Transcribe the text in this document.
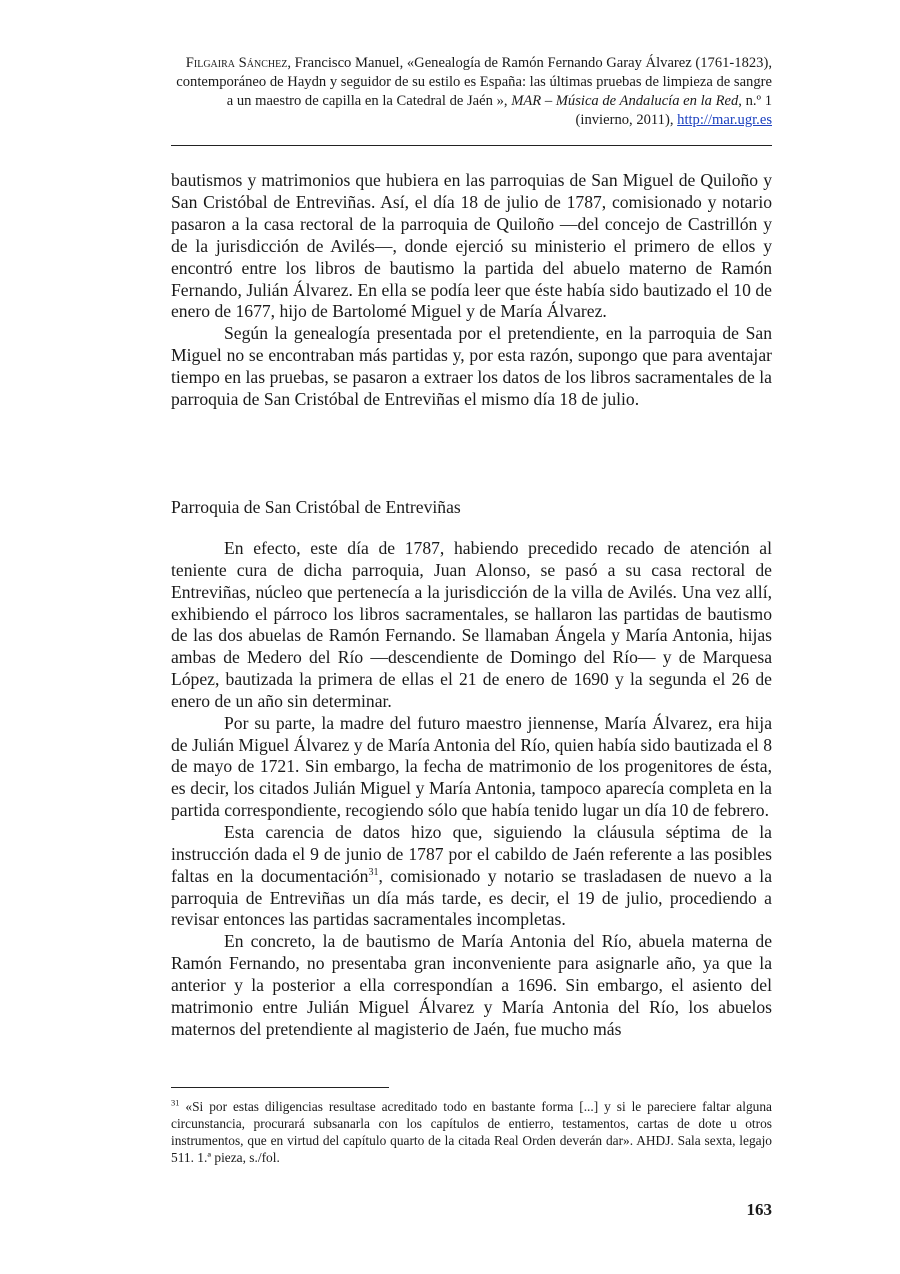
Filgaira Sánchez, Francisco Manuel, «Genealogía de Ramón Fernando Garay Álvarez (1761-1823), contemporáneo de Haydn y seguidor de su estilo es España: las últimas pruebas de limpieza de sangre a un maestro de capilla en la Catedral de Jaén », MAR – Música de Andalucía en la Red, n.º 1 (invierno, 2011), http://mar.ugr.es

bautismos y matrimonios que hubiera en las parroquias de San Miguel de Quiloño y San Cristóbal de Entreviñas. Así, el día 18 de julio de 1787, comisionado y notario pasaron a la casa rectoral de la parroquia de Quiloño —del concejo de Castrillón y de la jurisdicción de Avilés—, donde ejerció su ministerio el primero de ellos y encontró entre los libros de bautismo la partida del abuelo materno de Ramón Fernando, Julián Álvarez. En ella se podía leer que éste había sido bautizado el 10 de enero de 1677, hijo de Bartolomé Miguel y de María Álvarez.

Según la genealogía presentada por el pretendiente, en la parroquia de San Miguel no se encontraban más partidas y, por esta razón, supongo que para aventajar tiempo en las pruebas, se pasaron a extraer los datos de los libros sacramentales de la parroquia de San Cristóbal de Entreviñas el mismo día 18 de julio.

Parroquia de San Cristóbal de Entreviñas

En efecto, este día de 1787, habiendo precedido recado de atención al teniente cura de dicha parroquia, Juan Alonso, se pasó a su casa rectoral de Entreviñas, núcleo que pertenecía a la jurisdicción de la villa de Avilés. Una vez allí, exhibiendo el párroco los libros sacramentales, se hallaron las partidas de bautismo de las dos abuelas de Ramón Fernando. Se llamaban Ángela y María Antonia, hijas ambas de Medero del Río —descendiente de Domingo del Río— y de Marquesa López, bautizada la primera de ellas el 21 de enero de 1690 y la segunda el 26 de enero de un año sin determinar.

Por su parte, la madre del futuro maestro jiennense, María Álvarez, era hija de Julián Miguel Álvarez y de María Antonia del Río, quien había sido bautizada el 8 de mayo de 1721. Sin embargo, la fecha de matrimonio de los progenitores de ésta, es decir, los citados Julián Miguel y María Antonia, tampoco aparecía completa en la partida correspondiente, recogiendo sólo que había tenido lugar un día 10 de febrero.

Esta carencia de datos hizo que, siguiendo la cláusula séptima de la instrucción dada el 9 de junio de 1787 por el cabildo de Jaén referente a las posibles faltas en la documentación$^{31}$, comisionado y notario se trasladasen de nuevo a la parroquia de Entreviñas un día más tarde, es decir, el 19 de julio, procediendo a revisar entonces las partidas sacramentales incompletas.

En concreto, la de bautismo de María Antonia del Río, abuela materna de Ramón Fernando, no presentaba gran inconveniente para asignarle año, ya que la anterior y la posterior a ella correspondían a 1696. Sin embargo, el asiento del matrimonio entre Julián Miguel Álvarez y María Antonia del Río, los abuelos maternos del pretendiente al magisterio de Jaén, fue mucho más

$^{31}$ «Si por estas diligencias resultase acreditado todo en bastante forma [...] y si le pareciere faltar alguna circunstancia, procurará subsanarla con los capítulos de entierro, testamentos, cartas de dote u otros instrumentos, que en virtud del capítulo quarto de la citada Real Orden deverán dar». AHDJ. Sala sexta, legajo 511. 1.ª pieza, s./fol.
163
